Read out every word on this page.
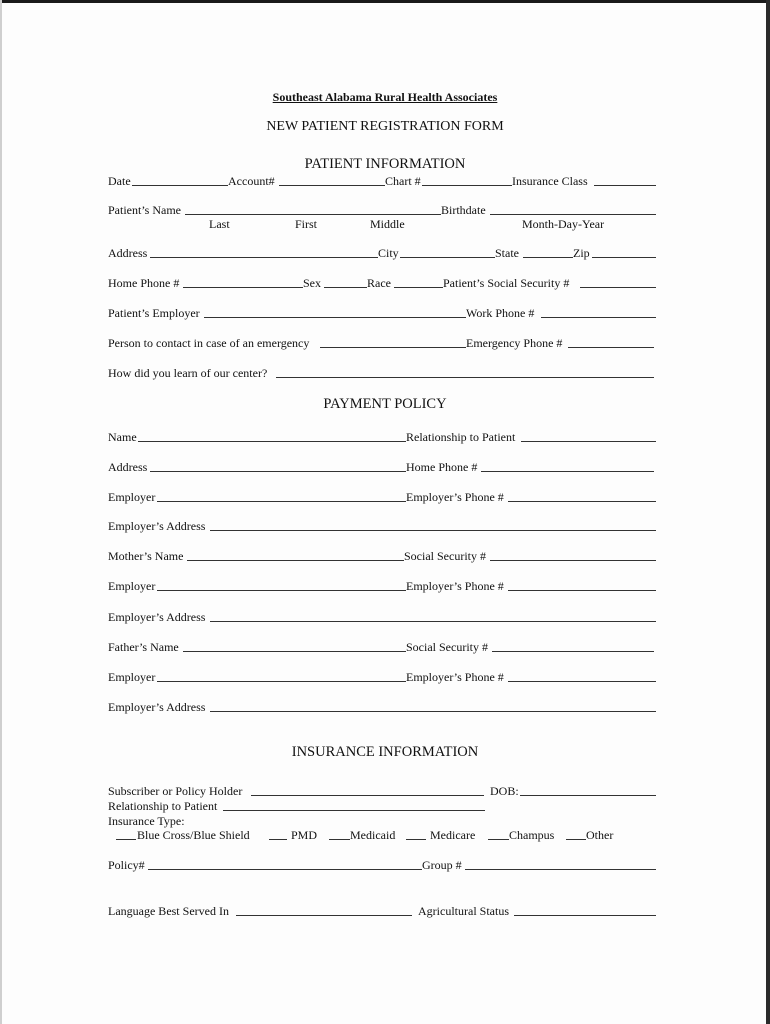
Southeast Alabama Rural Health Associates
NEW PATIENT REGISTRATION FORM
PATIENT INFORMATION
Date	Account#	Chart #	Insurance Class
Patient’s Name	Birthdate
Last	First	Middle	Month-Day-Year
Address	City	State	Zip
Home Phone #	Sex	Race	Patient’s Social Security #
Patient’s Employer	Work Phone #
Person to contact in case of an emergency	Emergency Phone #
How did you learn of our center?
PAYMENT POLICY
Name	Relationship to Patient
Address	Home Phone #
Employer	Employer’s Phone #
Employer’s Address
Mother’s Name	Social Security #
Employer	Employer’s Phone #
Employer’s Address
Father’s Name	Social Security #
Employer	Employer’s Phone #
Employer’s Address
INSURANCE INFORMATION
Subscriber or Policy Holder	DOB:
Relationship to Patient
Insurance Type:
Blue Cross/Blue Shield	PMD	Medicaid	Medicare	Champus	Other
Policy#	Group #
Language Best Served In	Agricultural Status
